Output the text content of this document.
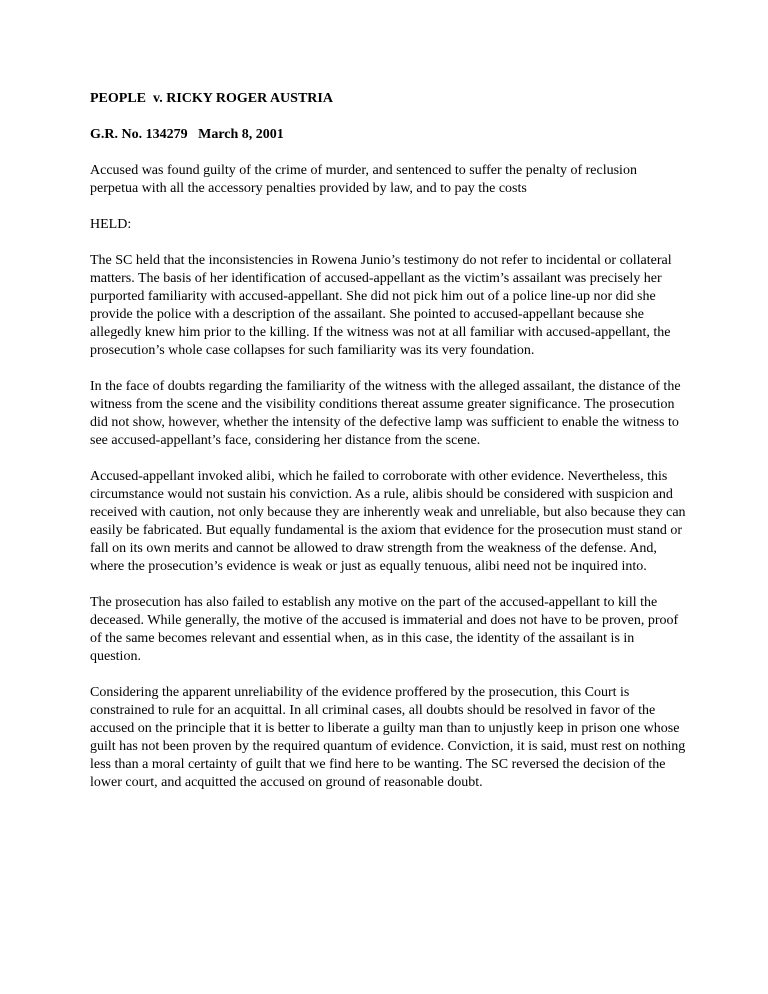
PEOPLE  v. RICKY ROGER AUSTRIA
G.R. No. 134279   March 8, 2001
Accused was found guilty of the crime of murder, and sentenced to suffer the penalty of reclusion perpetua with all the accessory penalties provided by law, and to pay the costs
HELD:
The SC held that the inconsistencies in Rowena Junio’s testimony do not refer to incidental or collateral matters. The basis of her identification of accused-appellant as the victim’s assailant was precisely her purported familiarity with accused-appellant. She did not pick him out of a police line-up nor did she provide the police with a description of the assailant. She pointed to accused-appellant because she allegedly knew him prior to the killing. If the witness was not at all familiar with accused-appellant, the prosecution’s whole case collapses for such familiarity was its very foundation.
In the face of doubts regarding the familiarity of the witness with the alleged assailant, the distance of the witness from the scene and the visibility conditions thereat assume greater significance. The prosecution did not show, however, whether the intensity of the defective lamp was sufficient to enable the witness to see accused-appellant’s face, considering her distance from the scene.
Accused-appellant invoked alibi, which he failed to corroborate with other evidence. Nevertheless, this circumstance would not sustain his conviction. As a rule, alibis should be considered with suspicion and received with caution, not only because they are inherently weak and unreliable, but also because they can easily be fabricated. But equally fundamental is the axiom that evidence for the prosecution must stand or fall on its own merits and cannot be allowed to draw strength from the weakness of the defense. And, where the prosecution’s evidence is weak or just as equally tenuous, alibi need not be inquired into.
The prosecution has also failed to establish any motive on the part of the accused-appellant to kill the deceased. While generally, the motive of the accused is immaterial and does not have to be proven, proof of the same becomes relevant and essential when, as in this case, the identity of the assailant is in question.
Considering the apparent unreliability of the evidence proffered by the prosecution, this Court is constrained to rule for an acquittal. In all criminal cases, all doubts should be resolved in favor of the accused on the principle that it is better to liberate a guilty man than to unjustly keep in prison one whose guilt has not been proven by the required quantum of evidence. Conviction, it is said, must rest on nothing less than a moral certainty of guilt that we find here to be wanting. The SC reversed the decision of the lower court, and acquitted the accused on ground of reasonable doubt.
